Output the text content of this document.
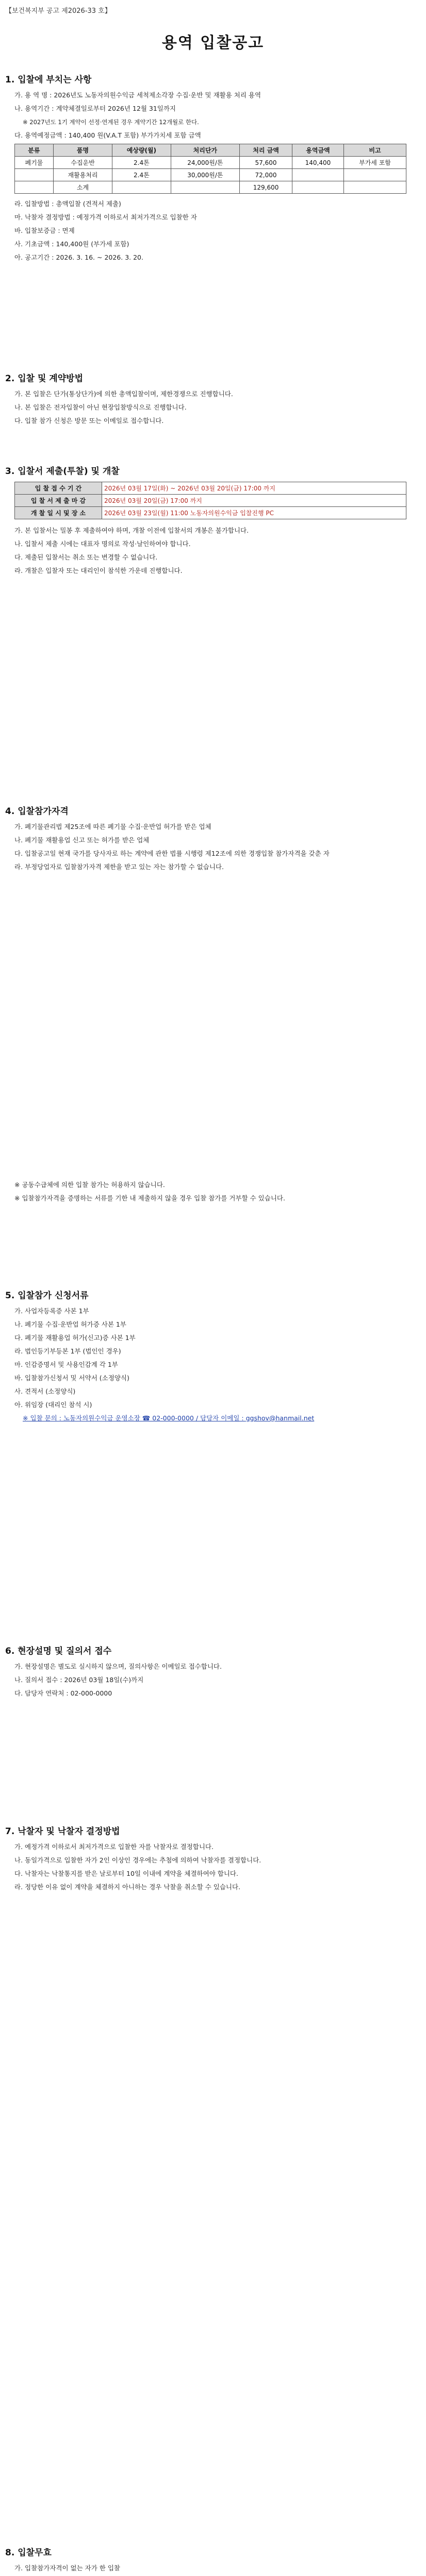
【보건복지부 공고 제2026-33 호】
용역 입찰공고
1. 입찰에 부치는 사항
가. 용 역 명 : 2026년도 노동자의원수익금 세척제소각장 수집·운반 및 재활용 처리 용역
나. 용역기간 : 계약체결일로부터 2026년 12월 31일까지
※ 2027년도 1기 계약이 선정·연계된 경우 계약기간 12개월로 한다.
다. 용역예정금액 : 140,400 원(V.A.T 포함) 부가가치세 포함 금액
분류	품명	예상량(월)	처리단가	처리 금액	용역금액	비고
폐기물	수집운반	2.4톤	24,000원/톤	57,600	140,400	부가세 포함
	재활용처리	2.4톤	30,000원/톤	72,000		
	소계			129,600		
라. 입찰방법 : 총액입찰 (견적서 제출)
마. 낙찰자 결정방법 : 예정가격 이하로서 최저가격으로 입찰한 자
바. 입찰보증금 : 면제
사. 기초금액 : 140,400원 (부가세 포함)
아. 공고기간 : 2026. 3. 16. ~ 2026. 3. 20.
2. 입찰 및 계약방법
가. 본 입찰은 단가(통상단가)에 의한 총액입찰이며, 제한경쟁으로 진행합니다.
나. 본 입찰은 전자입찰이 아닌 현장입찰방식으로 진행합니다.
다. 입찰 참가 신청은 방문 또는 이메일로 접수합니다.
3. 입찰서 제출(투찰) 및 개찰
입 찰 접 수 기 간	2026년 03월 17일(화) ~ 2026년 03월 20일(금) 17:00 까지
입 찰 서 제 출 마 감	2026년 03월 20일(금) 17:00 까지
개 찰 일 시 및 장 소	2026년 03월 23일(월) 11:00 노동자의원수익금 입찰진행 PC
가. 본 입찰서는 밀봉 후 제출하여야 하며, 개찰 이전에 입찰서의 개봉은 불가합니다.
나. 입찰서 제출 시에는 대표자 명의로 작성·날인하여야 합니다.
다. 제출된 입찰서는 취소 또는 변경할 수 없습니다.
라. 개찰은 입찰자 또는 대리인이 참석한 가운데 진행합니다.
4. 입찰참가자격
가. 폐기물관리법 제25조에 따른 폐기물 수집·운반업 허가를 받은 업체
나. 폐기물 재활용업 신고 또는 허가를 받은 업체
다. 입찰공고일 현재 국가를 당사자로 하는 계약에 관한 법률 시행령 제12조에 의한 경쟁입찰 참가자격을 갖춘 자
라. 부정당업자로 입찰참가자격 제한을 받고 있는 자는 참가할 수 없습니다.
※ 공동수급체에 의한 입찰 참가는 허용하지 않습니다.
※ 입찰참가자격을 증명하는 서류를 기한 내 제출하지 않을 경우 입찰 참가를 거부할 수 있습니다.
5. 입찰참가 신청서류
가. 사업자등록증 사본 1부
나. 폐기물 수집·운반업 허가증 사본 1부
다. 폐기물 재활용업 허가(신고)증 사본 1부
라. 법인등기부등본 1부 (법인인 경우)
마. 인감증명서 및 사용인감계 각 1부
바. 입찰참가신청서 및 서약서 (소정양식)
사. 견적서 (소정양식)
아. 위임장 (대리인 참석 시)
※ 입찰 문의 : 노동자의원수익금 운영소장 ☎ 02-000-0000 / 담당자 이메일 : ggshov@hanmail.net
6. 현장설명 및 질의서 접수
가. 현장설명은 별도로 실시하지 않으며, 질의사항은 이메일로 접수합니다.
나. 질의서 접수 : 2026년 03월 18일(수)까지
다. 담당자 연락처 : 02-000-0000
7. 낙찰자 및 낙찰자 결정방법
가. 예정가격 이하로서 최저가격으로 입찰한 자를 낙찰자로 결정합니다.
나. 동일가격으로 입찰한 자가 2인 이상인 경우에는 추첨에 의하여 낙찰자를 결정합니다.
다. 낙찰자는 낙찰통지를 받은 날로부터 10일 이내에 계약을 체결하여야 합니다.
라. 정당한 이유 없이 계약을 체결하지 아니하는 경우 낙찰을 취소할 수 있습니다.
8. 입찰무효
가. 입찰참가자격이 없는 자가 한 입찰
